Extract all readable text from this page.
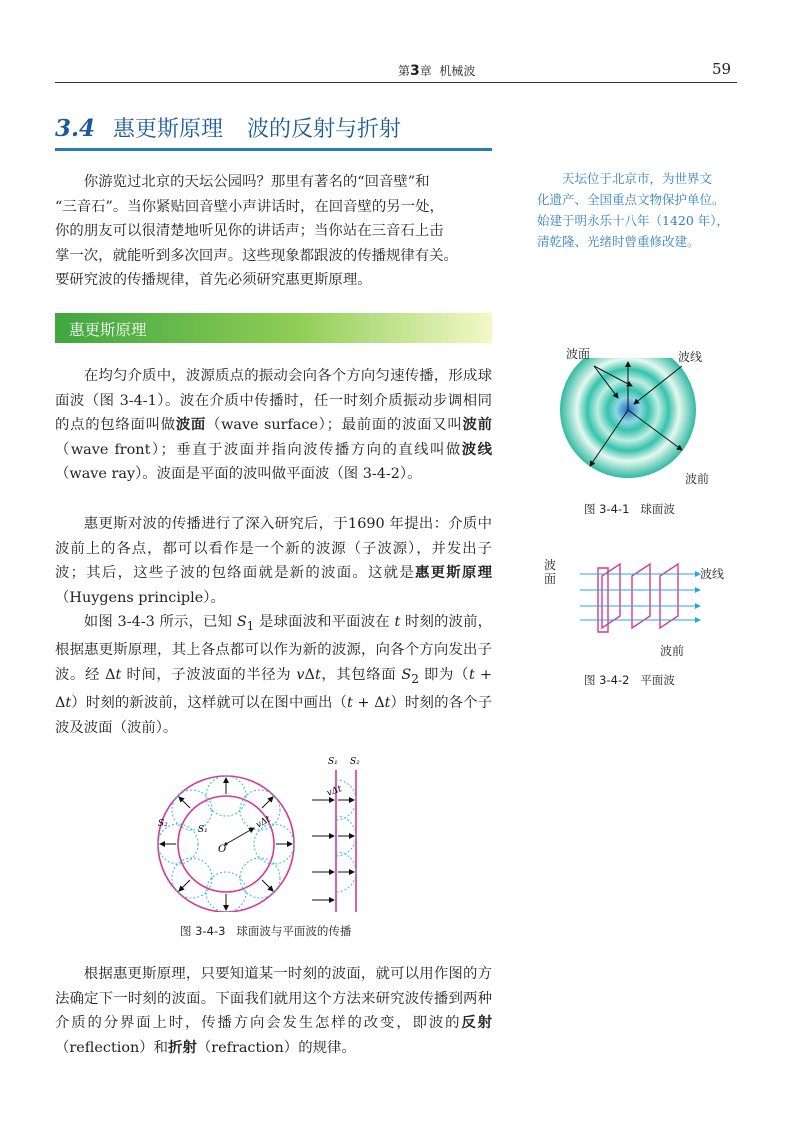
第3章 机械波	59
3.4 惠更斯原理 波的反射与折射
你游览过北京的天坛公园吗？那里有著名的“回音壁”和
“三音石”。当你紧贴回音壁小声讲话时，在回音壁的另一处，
你的朋友可以很清楚地听见你的讲话声；当你站在三音石上击
掌一次，就能听到多次回声。这些现象都跟波的传播规律有关。
要研究波的传播规律，首先必须研究惠更斯原理。
天坛位于北京市，为世界文
化遗产、全国重点文物保护单位。
始建于明永乐十八年（1420 年），
清乾隆、光绪时曾重修改建。
惠更斯原理
在均匀介质中，波源质点的振动会向各个方向匀速传播，形成球面波（图 3-4-1）。波在介质中传播时，任一时刻介质振动步调相同的点的包络面叫做波面（wave surface）；最前面的波面又叫波前（wave front）；垂直于波面并指向波传播方向的直线叫做波线（wave ray）。波面是平面的波叫做平面波（图 3-4-2）。
惠更斯对波的传播进行了深入研究后，于1690 年提出：介质中波前上的各点，都可以看作是一个新的波源（子波源），并发出子波；其后，这些子波的包络面就是新的波面。这就是惠更斯原理（Huygens principle）。
如图 3-4-3 所示，已知 $S_1$ 是球面波和平面波在 t 时刻的波前，根据惠更斯原理，其上各点都可以作为新的波源，向各个方向发出子波。经 Δt 时间，子波波面的半径为 vΔt，其包络面 $S_2$ 即为（t + Δt）时刻的新波前，这样就可以在图中画出（t + Δt）时刻的各个子波及波面（波前）。
O
S₁
S₂	vΔt
S₁ S₂
vΔt
图 3-4-3 球面波与平面波的传播
根据惠更斯原理，只要知道某一时刻的波面，就可以用作图的方法确定下一时刻的波面。下面我们就用这个方法来研究波传播到两种介质的分界面上时，传播方向会发生怎样的改变，即波的反射（reflection）和折射（refraction）的规律。
波面	波线
波前
图 3-4-1 球面波
波
面	波线
波前
图 3-4-2 平面波
